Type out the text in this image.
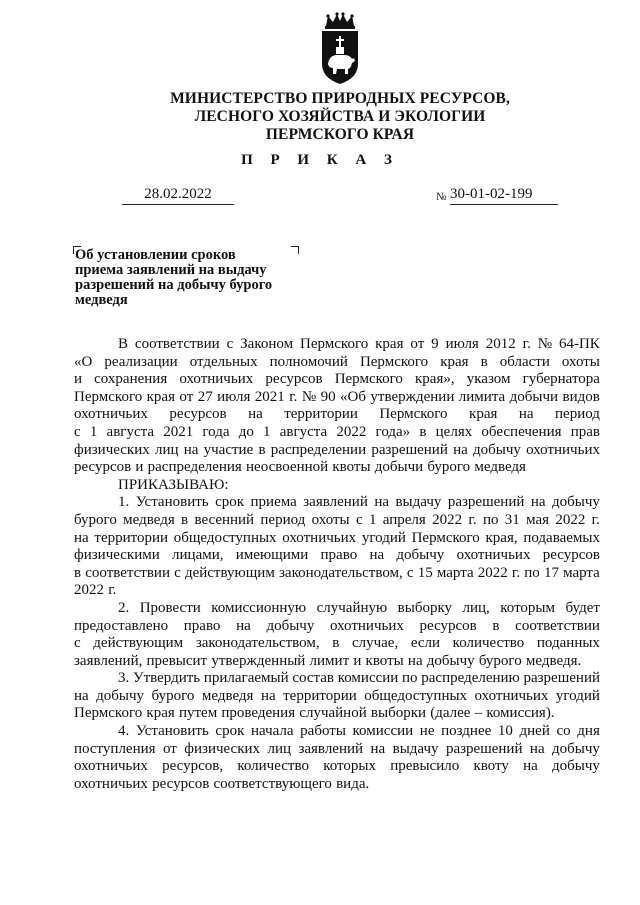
МИНИСТЕРСТВО ПРИРОДНЫХ РЕСУРСОВ,
ЛЕСНОГО ХОЗЯЙСТВА И ЭКОЛОГИИ
ПЕРМСКОГО КРАЯ
П Р И К А З
28.02.2022	№ 30-01-02-199
Об установлении сроков
приема заявлений на выдачу
разрешений на добычу бурого
медведя

В соответствии с Законом Пермского края от 9 июля 2012 г. № 64-ПК
«О реализации отдельных полномочий Пермского края в области охоты
и сохранения охотничьих ресурсов Пермского края», указом губернатора
Пермского края от 27 июля 2021 г. № 90 «Об утверждении лимита добычи видов
охотничьих ресурсов на территории Пермского края на период
с 1 августа 2021 года до 1 августа 2022 года» в целях обеспечения прав
физических лиц на участие в распределении разрешений на добычу охотничьих
ресурсов и распределения неосвоенной квоты добычи бурого медведя

ПРИКАЗЫВАЮ:

1. Установить срок приема заявлений на выдачу разрешений на добычу
бурого медведя в весенний период охоты с 1 апреля 2022 г. по 31 мая 2022 г.
на территории общедоступных охотничьих угодий Пермского края, подаваемых
физическими лицами, имеющими право на добычу охотничьих ресурсов
в соответствии с действующим законодательством, с 15 марта 2022 г. по 17 марта
2022 г.

2. Провести комиссионную случайную выборку лиц, которым будет
предоставлено право на добычу охотничьих ресурсов в соответствии
с действующим законодательством, в случае, если количество поданных
заявлений, превысит утвержденный лимит и квоты на добычу бурого медведя.

3. Утвердить прилагаемый состав комиссии по распределению разрешений
на добычу бурого медведя на территории общедоступных охотничьих угодий
Пермского края путем проведения случайной выборки (далее – комиссия).

4. Установить срок начала работы комиссии не позднее 10 дней со дня
поступления от физических лиц заявлений на выдачу разрешений на добычу
охотничьих ресурсов, количество которых превысило квоту на добычу
охотничьих ресурсов соответствующего вида.
